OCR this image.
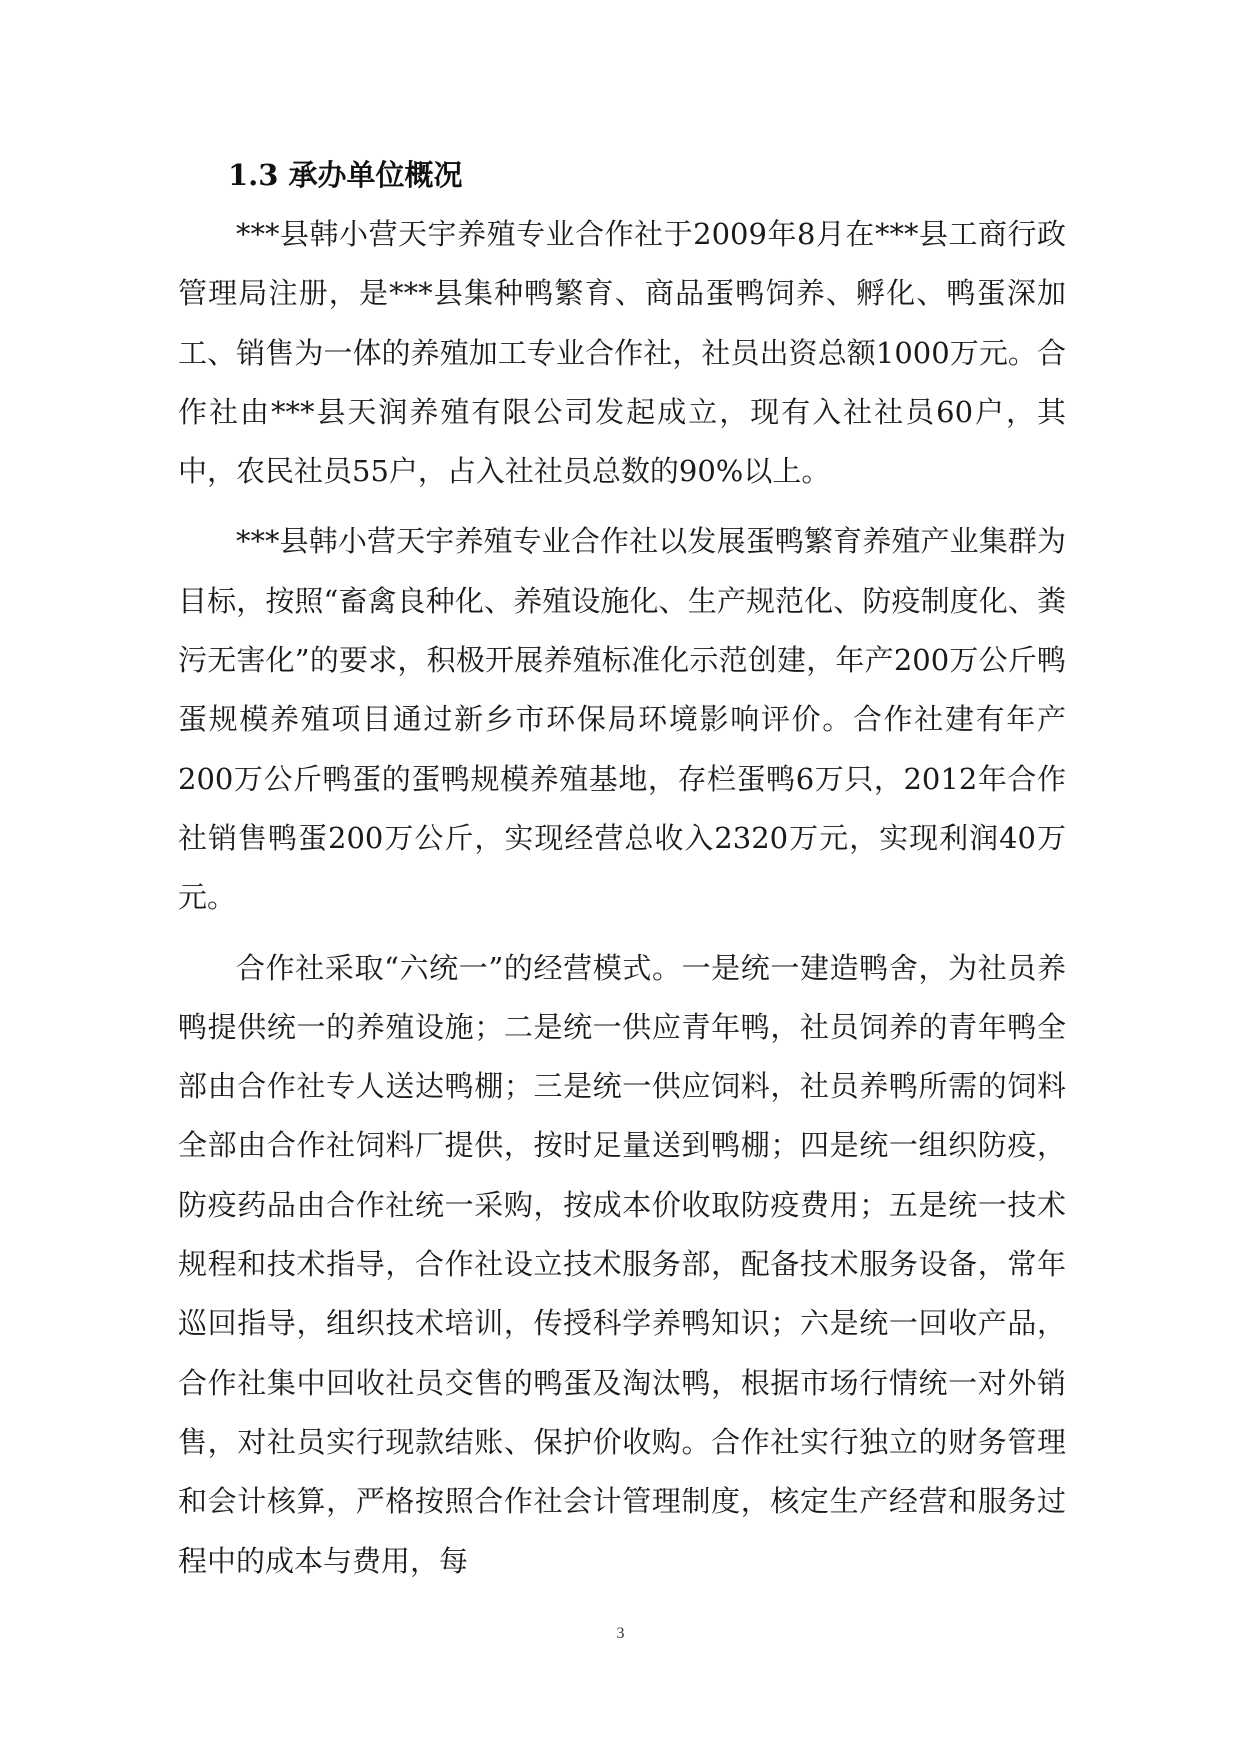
1.3 承办单位概况

***县韩小营天宇养殖专业合作社于2009年8月在***县工商行政管理局注册，是***县集种鸭繁育、商品蛋鸭饲养、孵化、鸭蛋深加工、销售为一体的养殖加工专业合作社，社员出资总额1000万元。合作社由***县天润养殖有限公司发起成立，现有入社社员60户，其中，农民社员55户，占入社社员总数的90%以上。

***县韩小营天宇养殖专业合作社以发展蛋鸭繁育养殖产业集群为目标，按照“畜禽良种化、养殖设施化、生产规范化、防疫制度化、粪污无害化”的要求，积极开展养殖标准化示范创建，年产200万公斤鸭蛋规模养殖项目通过新乡市环保局环境影响评价。合作社建有年产200万公斤鸭蛋的蛋鸭规模养殖基地，存栏蛋鸭6万只，2012年合作社销售鸭蛋200万公斤，实现经营总收入2320万元，实现利润40万元。

合作社采取“六统一”的经营模式。一是统一建造鸭舍，为社员养鸭提供统一的养殖设施；二是统一供应青年鸭，社员饲养的青年鸭全部由合作社专人送达鸭棚；三是统一供应饲料，社员养鸭所需的饲料全部由合作社饲料厂提供，按时足量送到鸭棚；四是统一组织防疫，防疫药品由合作社统一采购，按成本价收取防疫费用；五是统一技术规程和技术指导，合作社设立技术服务部，配备技术服务设备，常年巡回指导，组织技术培训，传授科学养鸭知识；六是统一回收产品，合作社集中回收社员交售的鸭蛋及淘汰鸭，根据市场行情统一对外销售，对社员实行现款结账、保护价收购。合作社实行独立的财务管理和会计核算，严格按照合作社会计管理制度，核定生产经营和服务过程中的成本与费用，每

3
